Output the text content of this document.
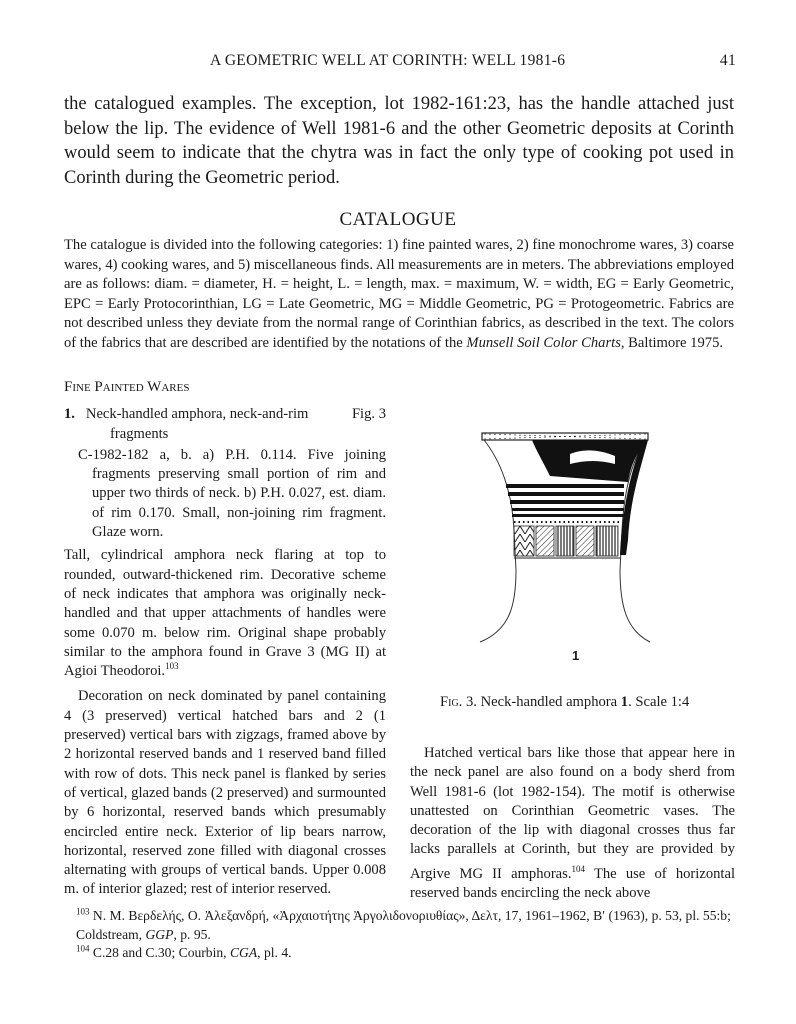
A GEOMETRIC WELL AT CORINTH: WELL 1981-6	41
the catalogued examples. The exception, lot 1982-161:23, has the handle attached just below the lip. The evidence of Well 1981-6 and the other Geometric deposits at Corinth would seem to indicate that the chytra was in fact the only type of cooking pot used in Corinth during the Geometric period.
CATALOGUE
The catalogue is divided into the following categories: 1) fine painted wares, 2) fine monochrome wares, 3) coarse wares, 4) cooking wares, and 5) miscellaneous finds. All measurements are in meters. The abbreviations employed are as follows: diam. = diameter, H. = height, L. = length, max. = maximum, W. = width, EG = Early Geometric, EPC = Early Protocorinthian, LG = Late Geometric, MG = Middle Geometric, PG = Protogeometric. Fabrics are not described unless they deviate from the normal range of Corinthian fabrics, as described in the text. The colors of the fabrics that are described are identified by the notations of the Munsell Soil Color Charts, Baltimore 1975.
Fine Painted Wares
1. Neck-handled amphora, neck-and-rim	Fig. 3
fragments
C-1982-182 a, b. a) P.H. 0.114. Five joining fragments preserving small portion of rim and upper two thirds of neck. b) P.H. 0.027, est. diam. of rim 0.170. Small, non-joining rim fragment. Glaze worn.
Tall, cylindrical amphora neck flaring at top to rounded, outward-thickened rim. Decorative scheme of neck indicates that amphora was originally neck-handled and that upper attachments of handles were some 0.070 m. below rim. Original shape probably similar to the amphora found in Grave 3 (MG II) at Agioi Theodoroi.$^{103}$
Decoration on neck dominated by panel containing 4 (3 preserved) vertical hatched bars and 2 (1 preserved) vertical bars with zigzags, framed above by 2 horizontal reserved bands and 1 reserved band filled with row of dots. This neck panel is flanked by series of vertical, glazed bands (2 preserved) and surmounted by 6 horizontal, reserved bands which presumably encircled entire neck. Exterior of lip bears narrow, horizontal, reserved zone filled with diagonal crosses alternating with groups of vertical bands. Upper 0.008 m. of interior glazed; rest of interior reserved.
1
Fig. 3. Neck-handled amphora 1. Scale 1:4
Hatched vertical bars like those that appear here in the neck panel are also found on a body sherd from Well 1981-6 (lot 1982-154). The motif is otherwise unattested on Corinthian Geometric vases. The decoration of the lip with diagonal crosses thus far lacks parallels at Corinth, but they are provided by Argive MG II amphoras.$^{104}$ The use of horizontal reserved bands encircling the neck above
$^{103}$ N. M. Βερδελής, Ο. Ἀλεξανδρή, «Ἀρχαιοτήτης Ἀργολιδονοριυθίας», Δελτ, 17, 1961–1962, Β′ (1963), p. 53, pl. 55:b; Coldstream, GGP, p. 95.
$^{104}$ C.28 and C.30; Courbin, CGA, pl. 4.
